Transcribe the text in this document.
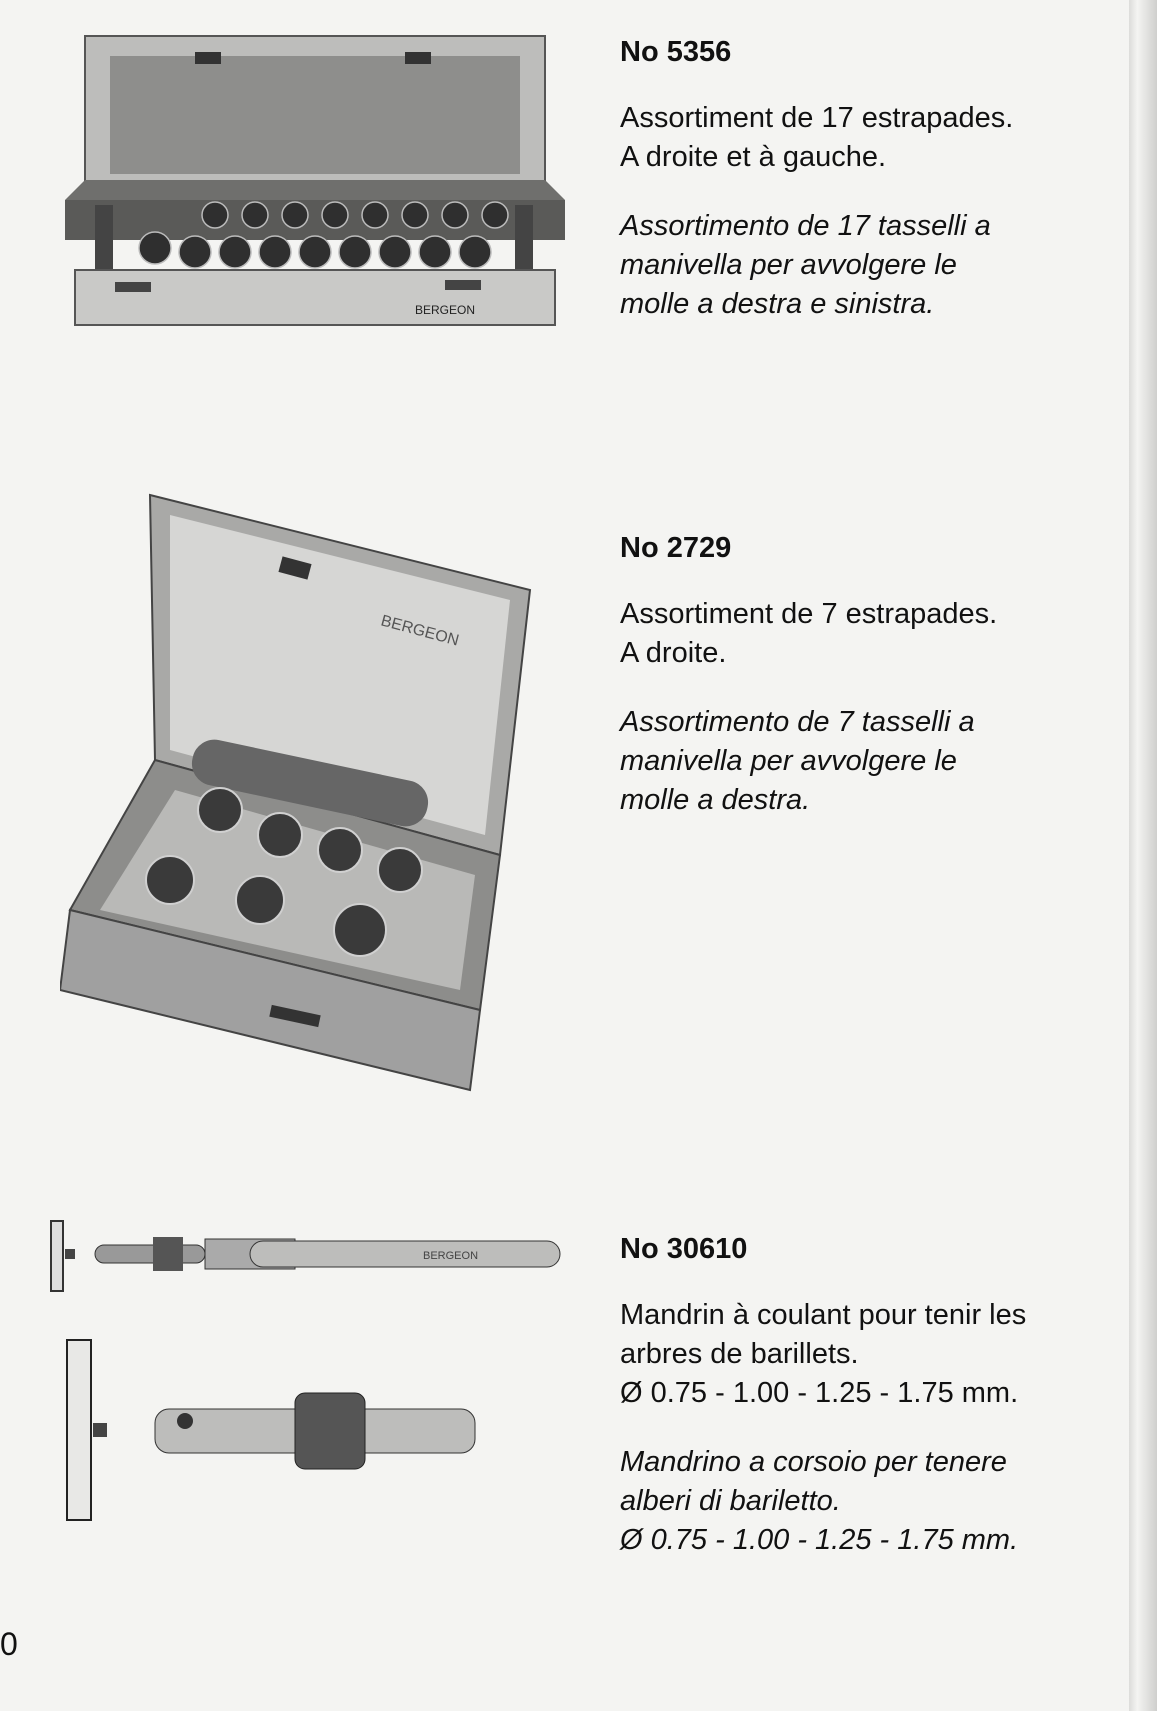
BERGEON
No 5356
Assortiment de 17 estrapades.
A droite et à gauche.
Assortimento de 17 tasselli a
manivella per avvolgere le
molle a destra e sinistra.
BERGEON
No 2729
Assortiment de 7 estrapades.
A droite.
Assortimento de 7 tasselli a
manivella per avvolgere le
molle a destra.
BERGEON	No 30610
Mandrin à coulant pour tenir les
arbres de barillets.
Ø 0.75 - 1.00 - 1.25 - 1.75 mm.
Mandrino a corsoio per tenere
alberi di bariletto.
Ø 0.75 - 1.00 - 1.25 - 1.75 mm.
0
